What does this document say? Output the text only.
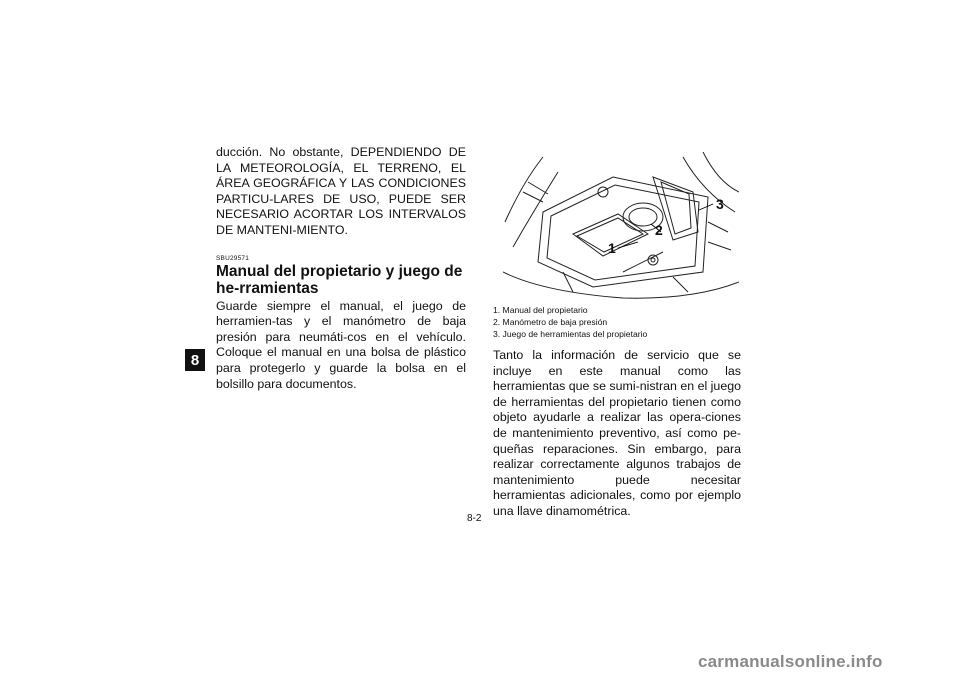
8

ducción. No obstante, DEPENDIENDO DE LA METEOROLOGÍA, EL TERRENO, EL ÁREA GEOGRÁFICA Y LAS CONDICIONES PARTICU-LARES DE USO, PUEDE SER NECESARIO ACORTAR LOS INTERVALOS DE MANTENI-MIENTO.

SBU29571
Manual del propietario y juego de he-rramientas

Guarde siempre el manual, el juego de herramien-tas y el manómetro de baja presión para neumáti-cos en el vehículo. Coloque el manual en una bolsa de plástico para protegerlo y guarde la bolsa en el bolsillo para documentos.

1
2
3
1. Manual del propietario
2. Manómetro de baja presión
3. Juego de herramientas del propietario

Tanto la información de servicio que se incluye en este manual como las herramientas que se sumi-nistran en el juego de herramientas del propietario tienen como objeto ayudarle a realizar las opera-ciones de mantenimiento preventivo, así como pe-queñas reparaciones. Sin embargo, para realizar correctamente algunos trabajos de mantenimiento puede necesitar herramientas adicionales, como por ejemplo una llave dinamométrica.

8-2
carmanualsonline.info
